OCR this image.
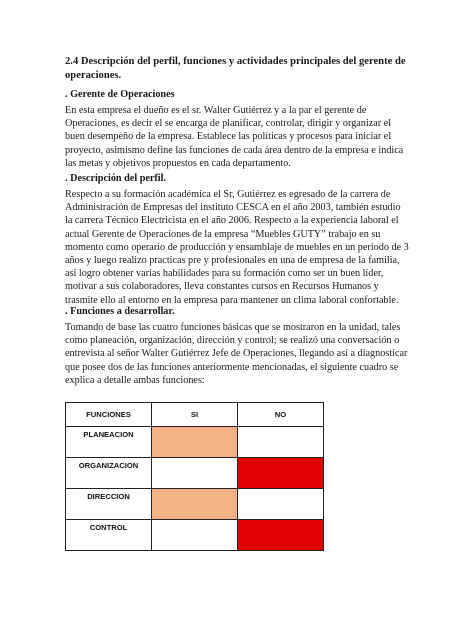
2.4 Descripción del perfil, funciones y actividades principales del gerente de operaciones.
. Gerente de Operaciones
En esta empresa el dueño es el sr. Walter Gutiérrez y a la par el gerente de Operaciones, es decir el se encarga de planificar, controlar, dirigir y organizar el buen desempeño de la empresa. Establece las políticas y procesos para iniciar el proyecto, asimismo define las funciones de cada área dentro de la empresa e indica las metas y objetivos propuestos en cada departamento.
. Descripción del perfil.
Respecto a su formación académica el Sr, Gutiérrez es egresado de la carrera de Administración de Empresas del instituto CESCA en el año 2003, también estudio la carrera Técnico Electricista en el año 2006. Respecto a la experiencia laboral el actual Gerente de Operaciones de la empresa “Muebles GUTY” trabajo en su momento como operario de producción y ensamblaje de muebles en un periodo de 3 años y luego realizo practicas pre y profesionales en una de empresa de la familia, así logro obtener varias habilidades para su formación como ser un buen líder, motivar a sus colaboradores, lleva constantes cursos en Recursos Humanos y trasmite ello al entorno en la empresa para mantener un clima laboral confortable.
. Funciones a desarrollar.
Tomando de base las cuatro funciones básicas que se mostraron en la unidad, tales como planeación, organización, dirección y control; se realizó una conversación o entrevista al señor Walter Gutiérrez Jefe de Operaciones, llegando así a diagnosticar que posee dos de las funciones anteriormente mencionadas, el siguiente cuadro se explica a detalle ambas funciones:
FUNCIONES	SI	NO
PLANEACION		
ORGANIZACION		
DIRECCION		
CONTROL		
